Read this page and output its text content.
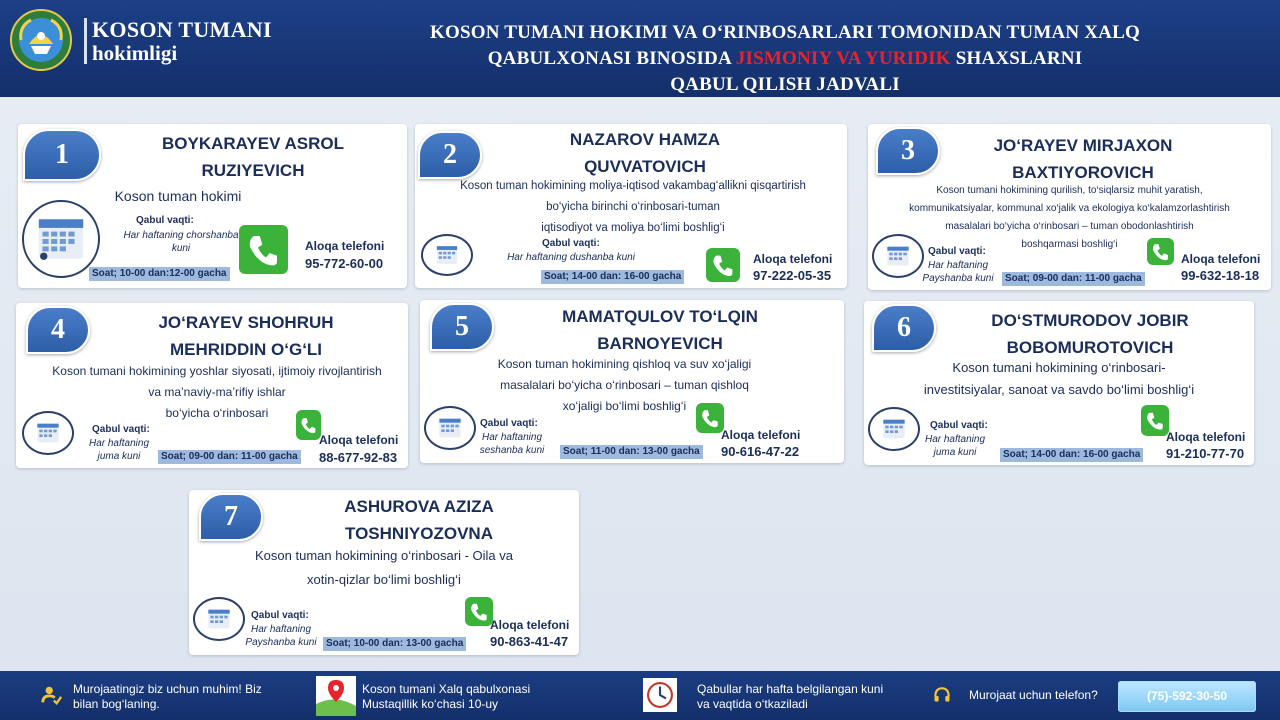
KOSON TUMANI
hokimligi
KOSON TUMANI HOKIMI VA O‘RINBOSARLARI TOMONIDAN TUMAN XALQ
QABULXONASI BINOSIDA JISMONIY VA YURIDIK SHAXSLARNI
QABUL QILISH JADVALI
1	BOYKARAYEV ASROL
RUZIYEVICH
Koson tuman hokimi
Qabul vaqti:
Har haftaning chorshanba
kuni
Soat; 10-00 dan:12-00 gacha
Aloqa telefoni
95-772-60-00
2	NAZAROV HAMZA
QUVVATOVICH
Koson tuman hokimining moliya-iqtisod vakambag‘allikni qisqartirish
bo‘yicha birinchi o‘rinbosari-tuman
iqtisodiyot va moliya bo‘limi boshlig‘i
Qabul vaqti:
Har haftaning dushanba kuni
Soat; 14-00 dan: 16-00 gacha
Aloqa telefoni
97-222-05-35
3	JO‘RAYEV MIRJAXON
BAXTIYOROVICH
Koson tumani hokimining qurilish, to‘siqlarsiz muhit yaratish,
kommunikatsiyalar, kommunal xo‘jalik va ekologiya ko‘kalamzorlashtirish
masalalari bo‘yicha o‘rinbosari – tuman obodonlashtirish
boshqarmasi boshlig‘i
Qabul vaqti:
Har haftaning
Payshanba kuni	Soat; 09-00 dan: 11-00 gacha
Aloqa telefoni
99-632-18-18
4	JO‘RAYEV SHOHRUH
MEHRIDDIN O‘G‘LI
Koson tumani hokimining yoshlar siyosati, ijtimoiy rivojlantirish
va ma’naviy-ma’rifiy ishlar
bo‘yicha o‘rinbosari
Qabul vaqti:
Har haftaning
juma kuni	Soat; 09-00 dan: 11-00 gacha
Aloqa telefoni
88-677-92-83
5	MAMATQULOV TO‘LQIN
BARNOYEVICH
Koson tuman hokimining qishloq va suv xo‘jaligi
masalalari bo‘yicha o‘rinbosari – tuman qishloq
xo‘jaligi bo‘limi boshlig‘i
Qabul vaqti:
Har haftaning
seshanba kuni	Soat; 11-00 dan: 13-00 gacha
Aloqa telefoni
90-616-47-22
6	DO‘STMURODOV JOBIR
BOBOMUROTOVICH
Koson tumani hokimining o‘rinbosari-
investitsiyalar, sanoat va savdo bo‘limi boshlig‘i
Qabul vaqti:
Har haftaning
juma kuni	Soat; 14-00 dan: 16-00 gacha
Aloqa telefoni
91-210-77-70
7	ASHUROVA AZIZA
TOSHNIYOZOVNA
Koson tuman hokimining o‘rinbosari - Oila va
xotin-qizlar bo‘limi boshlig‘i
Qabul vaqti:
Har haftaning
Payshanba kuni Soat; 10-00 dan: 13-00 gacha
Aloqa telefoni
90-863-41-47
Murojaatingiz biz uchun muhim! Biz
bilan bog‘laning.
Koson tumani Xalq qabulxonasi
Mustaqillik ko‘chasi 10-uy
Qabullar har hafta belgilangan kuni
va vaqtida o‘tkaziladi
Murojaat uchun telefon?	(75)-592-30-50
